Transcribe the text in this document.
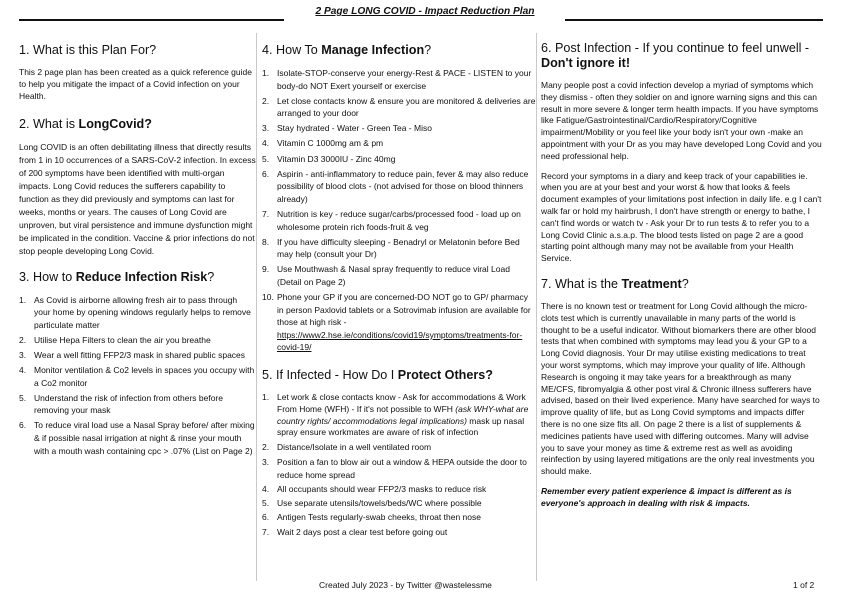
2 Page LONG COVID - Impact Reduction Plan
1. What is this Plan For?

This 2 page plan has been created as a quick reference guide to help you mitigate the impact of a Covid infection on your Health.

2. What is LongCovid?

Long COVID is an often debilitating illness that directly results from 1 in 10 occurrences of a SARS-CoV-2 infection. In excess of 200 symptoms have been identified with multi-organ impacts. Long Covid reduces the sufferers capability to function as they did previously and symptoms can last for weeks, months or years. The causes of Long Covid are unproven, but viral persistence and immune dysfunction might be implicated in the condition. Vaccine & prior infections do not stop people developing Long Covid.

3. How to Reduce Infection Risk?
1. As Covid is airborne allowing fresh air to pass through your home by opening windows regularly helps to remove particulate matter
2. Utilise Hepa Filters to clean the air you breathe
3. Wear a well fitting FFP2/3 mask in shared public spaces
4. Monitor ventilation & Co2 levels in spaces you occupy with a Co2 monitor
5. Understand the risk of infection from others before removing your mask
6. To reduce viral load use a Nasal Spray before/ after mixing & if possible nasal irrigation at night & rinse your mouth with a mouth wash containing cpc > .07% (List on Page 2)
4. How To Manage Infection?
1. Isolate-STOP-conserve your energy-Rest & PACE - LISTEN to your body-do NOT Exert yourself or exercise
2. Let close contacts know & ensure you are monitored & deliveries are arranged to your door
3. Stay hydrated - Water - Green Tea - Miso
4. Vitamin C 1000mg am & pm
5. Vitamin D3 3000IU - Zinc 40mg
6. Aspirin - anti-inflammatory to reduce pain, fever & may also reduce possibility of blood clots - (not advised for those on blood thinners already)
7. Nutrition is key - reduce sugar/carbs/processed food - load up on wholesome protein rich foods-fruit & veg
8. If you have difficulty sleeping - Benadryl or Melatonin before Bed may help (consult your Dr)
9. Use Mouthwash & Nasal spray frequently to reduce viral Load (Detail on Page 2)
10. Phone your GP if you are concerned-DO NOT go to GP/ pharmacy in person Paxlovid tablets or a Sotrovimab infusion are available for those at high risk - https://www2.hse.ie/conditions/covid19/symptoms/treatments-for-covid-19/
5. If Infected - How Do I Protect Others?
1. Let work & close contacts know - Ask for accommodations & Work From Home (WFH) - If it's not possible to WFH (ask WHY-what are country rights/ accommodations legal implications) mask up nasal spray ensure workmates are aware of risk of infection
2. Distance/Isolate in a well ventilated room
3. Position a fan to blow air out a window & HEPA outside the door to reduce home spread
4. All occupants should wear FFP2/3 masks to reduce risk
5. Use separate utensils/towels/beds/WC where possible
6. Antigen Tests regularly-swab cheeks, throat then nose
7. Wait 2 days post a clear test before going out
6. Post Infection - If you continue to feel unwell - Don't ignore it!

Many people post a covid infection develop a myriad of symptoms which they dismiss - often they soldier on and ignore warning signs and this can result in more severe & longer term health impacts. If you have symptoms like Fatigue/Gastrointestinal/Cardio/Respiratory/Cognitive impairment/Mobility or you feel like your body isn't your own -make an appointment with your Dr as you may have developed Long Covid and you need professional help.

Record your symptoms in a diary and keep track of your capabilities ie. when you are at your best and your worst & how that looks & feels document examples of your limitations post infection in daily life. e.g I can't walk far or hold my hairbrush, I don't have strength or energy to bathe, I can't find words or watch tv - Ask your Dr to run tests & to refer you to a Long Covid Clinic a.s.a.p. The blood tests listed on page 2 are a good starting point although many may not be available from your Health Service.

7. What is the Treatment?

There is no known test or treatment for Long Covid although the micro-clots test which is currently unavailable in many parts of the world is thought to be a useful indicator. Without biomarkers there are other blood tests that when combined with symptoms may lead you & your GP to a Long Covid diagnosis. Your Dr may utilise existing medications to treat your worst symptoms, which may improve your quality of life. Although Research is ongoing it may take years for a breakthrough as many ME/CFS, fibromyalgia & other post viral & Chronic illness sufferers have advised, based on their lived experience. Many have searched for ways to improve quality of life, but as Long Covid symptoms and impacts differ there is no one size fits all. On page 2 there is a list of supplements & medicines patients have used with differing outcomes. Many will advise you to save your money as time & extreme rest as well as avoiding reinfection by using layered mitigations are the only real investments you should make.

Remember every patient experience & impact is different as is everyone's approach in dealing with risk & impacts.

Created July 2023 - by Twitter @wastelessme	1 of 2
